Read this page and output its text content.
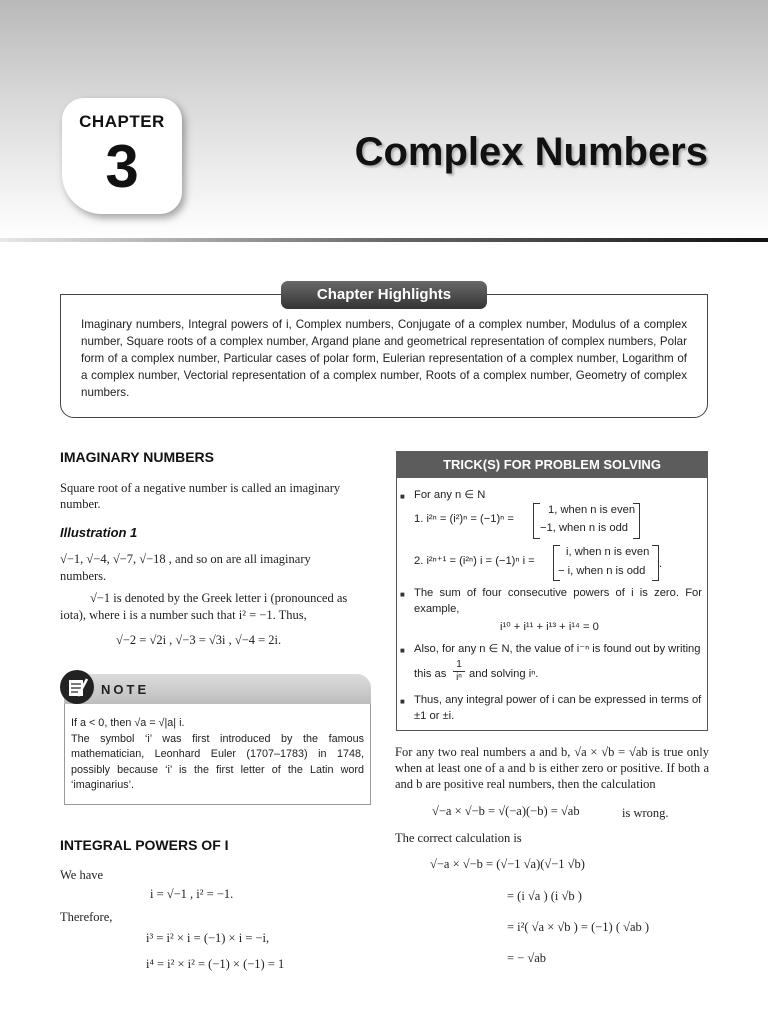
CHAPTER
3	Complex Numbers
Chapter Highlights
Imaginary numbers, Integral powers of i, Complex numbers, Conjugate of a complex number, Modulus of a complex number, Square roots of a complex number, Argand plane and geometrical representation of complex numbers, Polar form of a complex number, Particular cases of polar form, Eulerian representation of a complex number, Logarithm of a complex number, Vectorial representation of a complex number, Roots of a complex number, Geometry of complex numbers.
IMAGINARY NUMBERS
Square root of a negative number is called an imaginary
number.
Illustration 1
√−1, √−4, √−7, √−18 , and so on are all imaginary
numbers.
√−1 is denoted by the Greek letter i (pronounced as
iota), where i is a number such that i² = −1. Thus,
√−2 = √2i , √−3 = √3i , √−4 = 2i.
NOTE
If a < 0, then √a = √|a| i.
The symbol ‘i’ was first introduced by the famous mathematician, Leonhard Euler (1707–1783) in 1748, possibly because ‘i’ is the first letter of the Latin word ‘imaginarius’.
INTEGRAL POWERS OF I
We have
i = √−1 , i² = −1.
Therefore,
i³ = i² × i = (−1) × i = −i,
i⁴ = i² × i² = (−1) × (−1) = 1
TRICK(S) FOR PROBLEM SOLVING
■ For any n ∈ N
1. i²ⁿ = (i²)ⁿ = (−1)ⁿ =
1, when n is even
−1, when n is odd
2. i²ⁿ⁺¹ = (i²ⁿ) i = (−1)ⁿ i =
i, when n is even
− i, when n is odd
.
■ The sum of four consecutive powers of i is zero. For example,
i¹⁰ + i¹¹ + i¹³ + i¹⁴ = 0
■ Also, for any n ∈ N, the value of i⁻ⁿ is found out by writing
this as $\frac{1}{\text{iⁿ}}$ and solving iⁿ.
■ Thus, any integral power of i can be expressed in terms of ±1 or ±i.
For any two real numbers a and b, √a × √b = √ab is true only when at least one of a and b is either zero or positive. If both a and b are positive real numbers, then the calculation
√−a × √−b = √(−a)(−b) = √ab	is wrong.
The correct calculation is
√−a × √−b = (√−1 √a)(√−1 √b)
= (i √a ) (i √b )
= i²( √a × √b ) = (−1) ( √ab )
= − √ab
